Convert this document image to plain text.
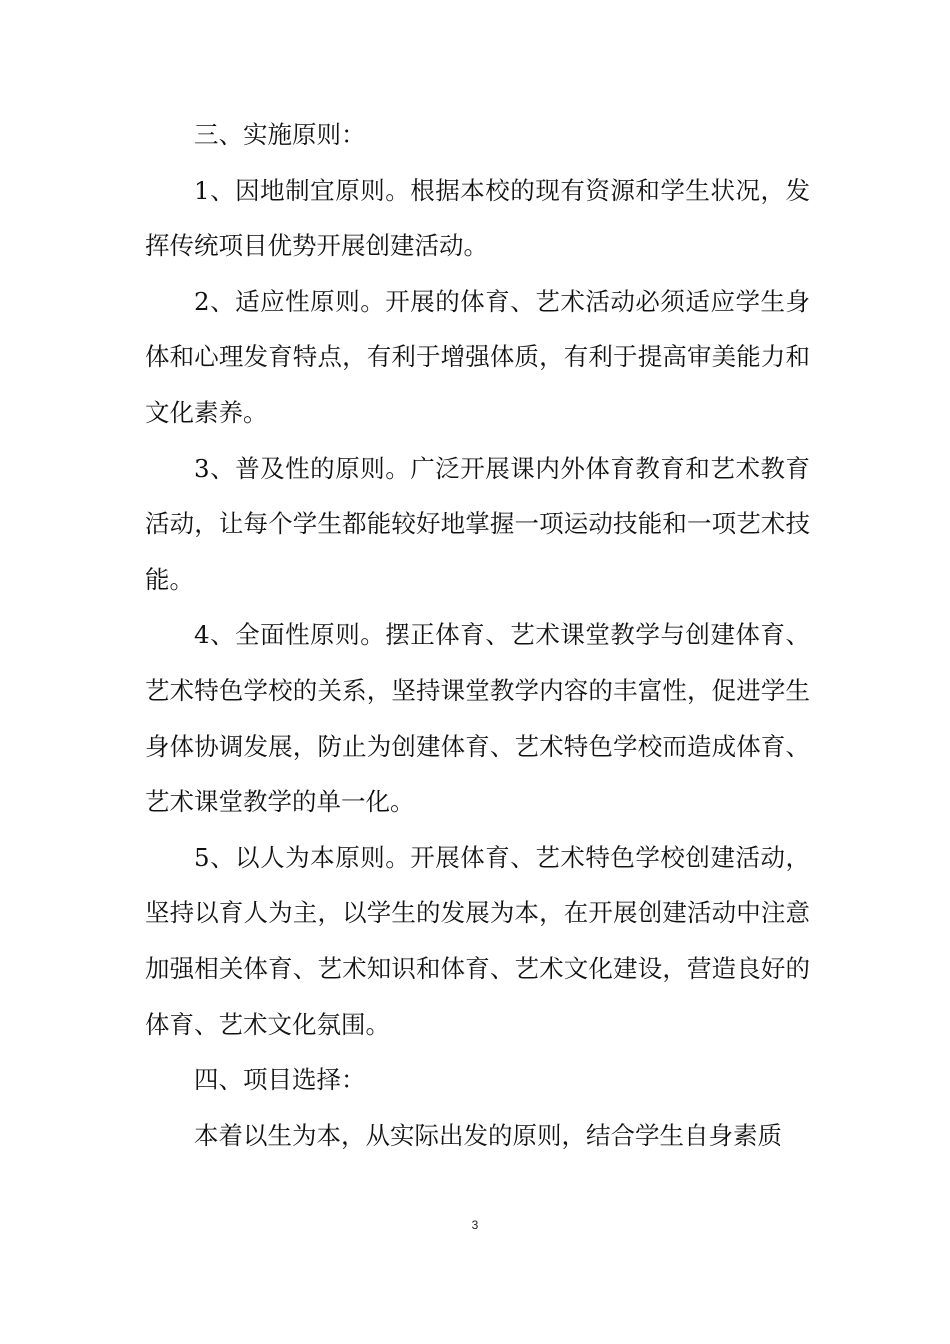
三、实施原则：

1、因地制宜原则。根据本校的现有资源和学生状况，发挥传统项目优势开展创建活动。

2、适应性原则。开展的体育、艺术活动必须适应学生身体和心理发育特点，有利于增强体质，有利于提高审美能力和文化素养。

3、普及性的原则。广泛开展课内外体育教育和艺术教育活动，让每个学生都能较好地掌握一项运动技能和一项艺术技能。

4、全面性原则。摆正体育、艺术课堂教学与创建体育、艺术特色学校的关系，坚持课堂教学内容的丰富性，促进学生身体协调发展，防止为创建体育、艺术特色学校而造成体育、艺术课堂教学的单一化。

5、以人为本原则。开展体育、艺术特色学校创建活动，坚持以育人为主，以学生的发展为本，在开展创建活动中注意加强相关体育、艺术知识和体育、艺术文化建设，营造良好的体育、艺术文化氛围。

四、项目选择：

本着以生为本，从实际出发的原则，结合学生自身素质

3
